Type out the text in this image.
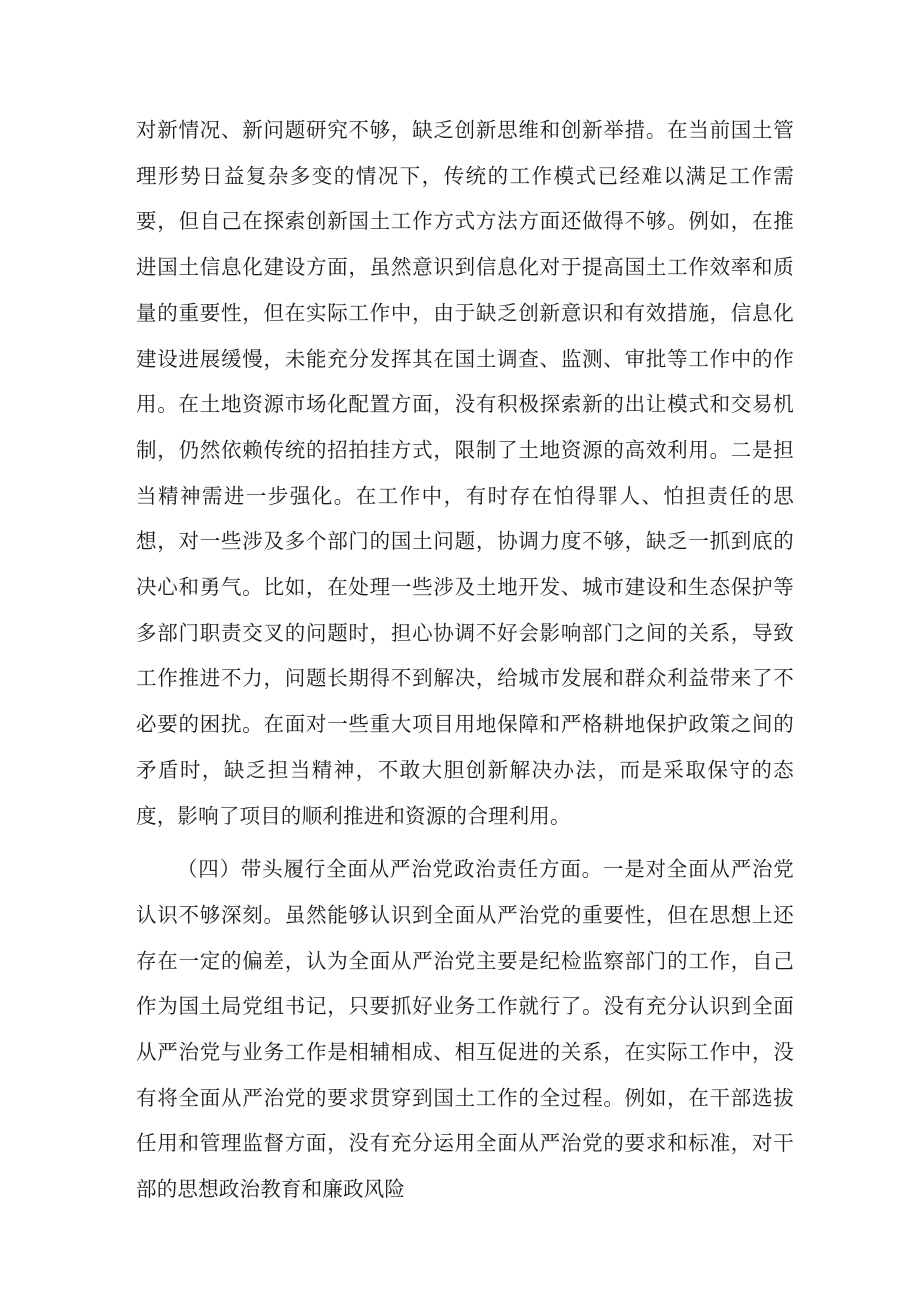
对新情况、新问题研究不够，缺乏创新思维和创新举措。在当前国土管理形势日益复杂多变的情况下，传统的工作模式已经难以满足工作需要，但自己在探索创新国土工作方式方法方面还做得不够。例如，在推进国土信息化建设方面，虽然意识到信息化对于提高国土工作效率和质量的重要性，但在实际工作中，由于缺乏创新意识和有效措施，信息化建设进展缓慢，未能充分发挥其在国土调查、监测、审批等工作中的作用。在土地资源市场化配置方面，没有积极探索新的出让模式和交易机制，仍然依赖传统的招拍挂方式，限制了土地资源的高效利用。二是担当精神需进一步强化。在工作中，有时存在怕得罪人、怕担责任的思想，对一些涉及多个部门的国土问题，协调力度不够，缺乏一抓到底的决心和勇气。比如，在处理一些涉及土地开发、城市建设和生态保护等多部门职责交叉的问题时，担心协调不好会影响部门之间的关系，导致工作推进不力，问题长期得不到解决，给城市发展和群众利益带来了不必要的困扰。在面对一些重大项目用地保障和严格耕地保护政策之间的矛盾时，缺乏担当精神，不敢大胆创新解决办法，而是采取保守的态度，影响了项目的顺利推进和资源的合理利用。

（四）带头履行全面从严治党政治责任方面。一是对全面从严治党认识不够深刻。虽然能够认识到全面从严治党的重要性，但在思想上还存在一定的偏差，认为全面从严治党主要是纪检监察部门的工作，自己作为国土局党组书记，只要抓好业务工作就行了。没有充分认识到全面从严治党与业务工作是相辅相成、相互促进的关系，在实际工作中，没有将全面从严治党的要求贯穿到国土工作的全过程。例如，在干部选拔任用和管理监督方面，没有充分运用全面从严治党的要求和标准，对干部的思想政治教育和廉政风险
